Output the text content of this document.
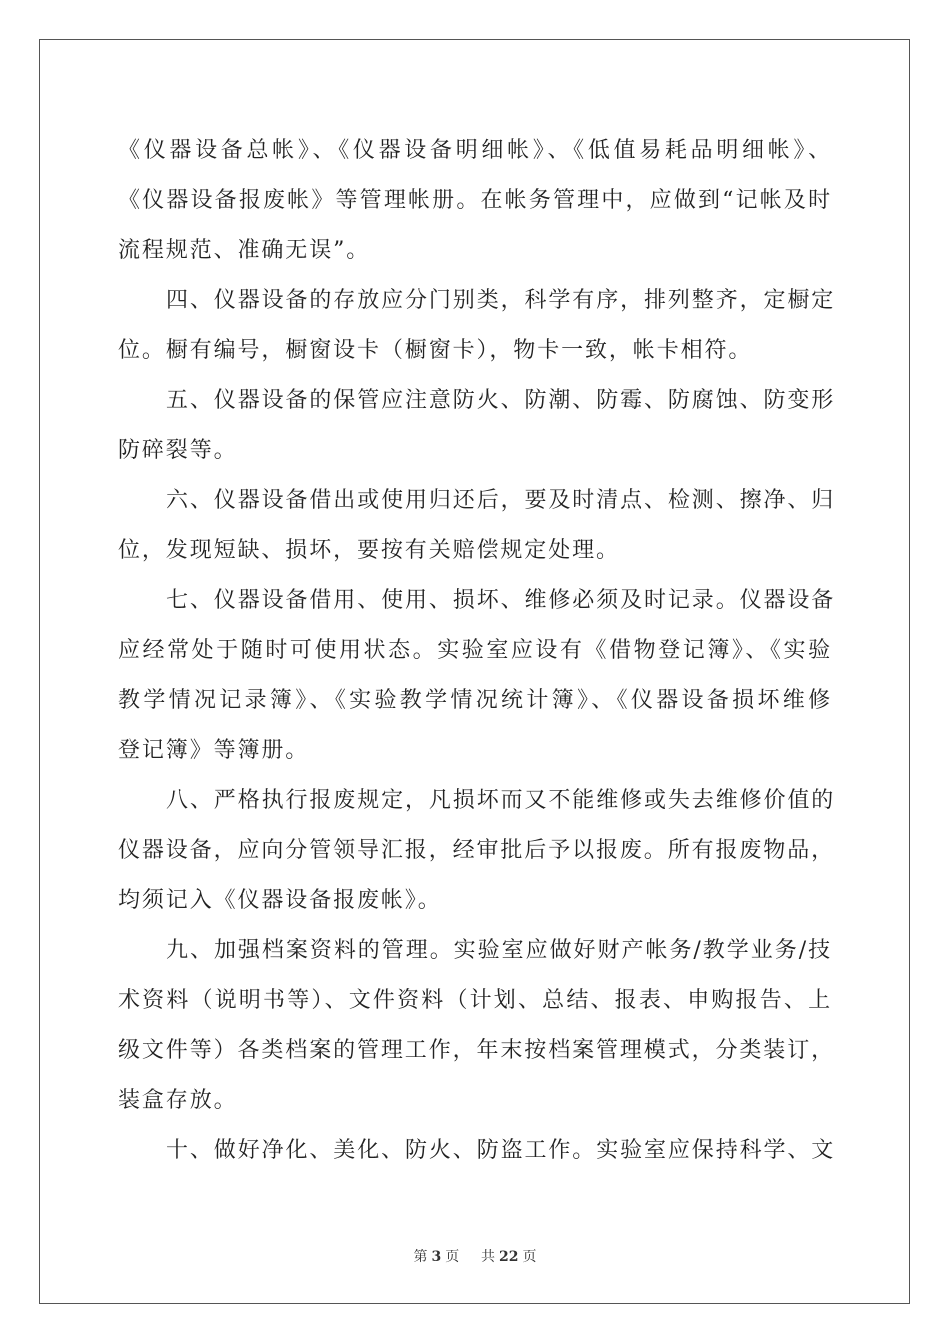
《仪器设备总帐》、《仪器设备明细帐》、《低值易耗品明细帐》、
《仪器设备报废帐》等管理帐册。在帐务管理中，应做到“记帐及时
流程规范、准确无误”。
四、仪器设备的存放应分门别类，科学有序，排列整齐，定橱定
位。橱有编号，橱窗设卡（橱窗卡），物卡一致，帐卡相符。
五、仪器设备的保管应注意防火、防潮、防霉、防腐蚀、防变形
防碎裂等。
六、仪器设备借出或使用归还后，要及时清点、检测、擦净、归
位，发现短缺、损坏，要按有关赔偿规定处理。
七、仪器设备借用、使用、损坏、维修必须及时记录。仪器设备
应经常处于随时可使用状态。实验室应设有《借物登记簿》、《实验
教学情况记录簿》、《实验教学情况统计簿》、《仪器设备损坏维修
登记簿》等簿册。
八、严格执行报废规定，凡损坏而又不能维修或失去维修价值的
仪器设备，应向分管领导汇报，经审批后予以报废。所有报废物品，
均须记入《仪器设备报废帐》。
九、加强档案资料的管理。实验室应做好财产帐务/教学业务/技
术资料（说明书等）、文件资料（计划、总结、报表、申购报告、上
级文件等）各类档案的管理工作，年末按档案管理模式，分类装订，
装盒存放。
十、做好净化、美化、防火、防盗工作。实验室应保持科学、文
第 3 页 共 22 页
